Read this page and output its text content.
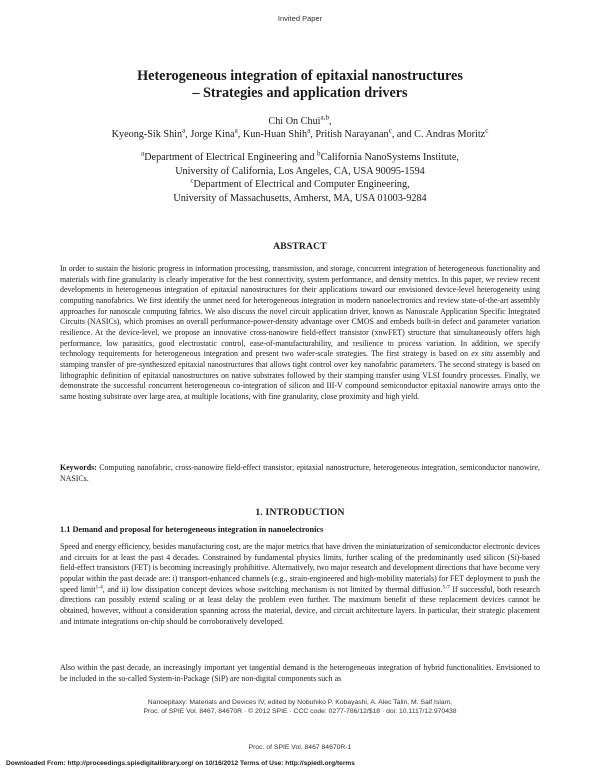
Invited Paper
Heterogeneous integration of epitaxial nanostructures
– Strategies and application drivers
Chi On Chui$^{a,b}$,
Kyeong-Sik Shin$^a$, Jorge Kina$^a$, Kun-Huan Shih$^a$, Pritish Narayanan$^c$, and C. Andras Moritz$^c$
$^a$Department of Electrical Engineering and $^b$California NanoSystems Institute,
University of California, Los Angeles, CA, USA 90095-1594
$^c$Department of Electrical and Computer Engineering,
University of Massachusetts, Amherst, MA, USA 01003-9284
ABSTRACT
In order to sustain the historic progress in information processing, transmission, and storage, concurrent integration of heterogeneous functionality and materials with fine granularity is clearly imperative for the best connectivity, system performance, and density metrics. In this paper, we review recent developments in heterogeneous integration of epitaxial nanostructures for their applications toward our envisioned device-level heterogeneity using computing nanofabrics. We first identify the unmet need for heterogeneous integration in modern nanoelectronics and review state-of-the-art assembly approaches for nanoscale computing fabrics. We also discuss the novel circuit application driver, known as Nanoscale Application Specific Integrated Circuits (NASICs), which promises an overall performance-power-density advantage over CMOS and embeds built-in defect and parameter variation resilience. At the device-level, we propose an innovative cross-nanowire field-effect transistor (xnwFET) structure that simultaneously offers high performance, low parasitics, good electrostatic control, ease-of-manufacturability, and resilience to process variation. In addition, we specify technology requirements for heterogeneous integration and present two wafer-scale strategies. The first strategy is based on ex situ assembly and stamping transfer of pre-synthesized epitaxial nanostructures that allows tight control over key nanofabric parameters. The second strategy is based on lithographic definition of epitaxial nanostructures on native substrates followed by their stamping transfer using VLSI foundry processes. Finally, we demonstrate the successful concurrent heterogeneous co-integration of silicon and III-V compound semiconductor epitaxial nanowire arrays onto the same hosting substrate over large area, at multiple locations, with fine granularity, close proximity and high yield.
Keywords: Computing nanofabric, cross-nanowire field-effect transistor, epitaxial nanostructure, heterogeneous integration, semiconductor nanowire, NASICs.
1. INTRODUCTION
1.1 Demand and proposal for heterogeneous integration in nanoelectronics
Speed and energy efficiency, besides manufacturing cost, are the major metrics that have driven the miniaturization of semiconductor electronic devices and circuits for at least the past 4 decades. Constrained by fundamental physics limits, further scaling of the predominantly used silicon (Si)-based field-effect transistors (FET) is becoming increasingly prohibitive. Alternatively, two major research and development directions that have become very popular within the past decade are: i) transport-enhanced channels (e.g., strain-engineered and high-mobility materials) for FET deployment to push the speed limit$^{1-4}$, and ii) low dissipation concept devices whose switching mechanism is not limited by thermal diffusion.$^{5-7}$ If successful, both research directions can possibly extend scaling or at least delay the problem even further. The maximum benefit of these replacement devices cannot be obtained, however, without a consideration spanning across the material, device, and circuit architecture layers. In particular, their strategic placement and intimate integrations on-chip should be corroboratively developed.
Also within the past decade, an increasingly important yet tangential demand is the heterogeneous integration of hybrid functionalities. Envisioned to be included in the so-called System-in-Package (SiP) are non-digital components such as
Nanoepitaxy: Materials and Devices IV, edited by Nobuhiko P. Kobayashi, A. Alec Talin, M. Saif Islam,
Proc. of SPIE Vol. 8467, 84670R · © 2012 SPIE · CCC code: 0277-786/12/$18 · doi: 10.1117/12.970438
Proc. of SPIE Vol. 8467 84670R-1
Downloaded From: http://proceedings.spiedigitallibrary.org/ on 10/16/2012 Terms of Use: http://spiedl.org/terms
